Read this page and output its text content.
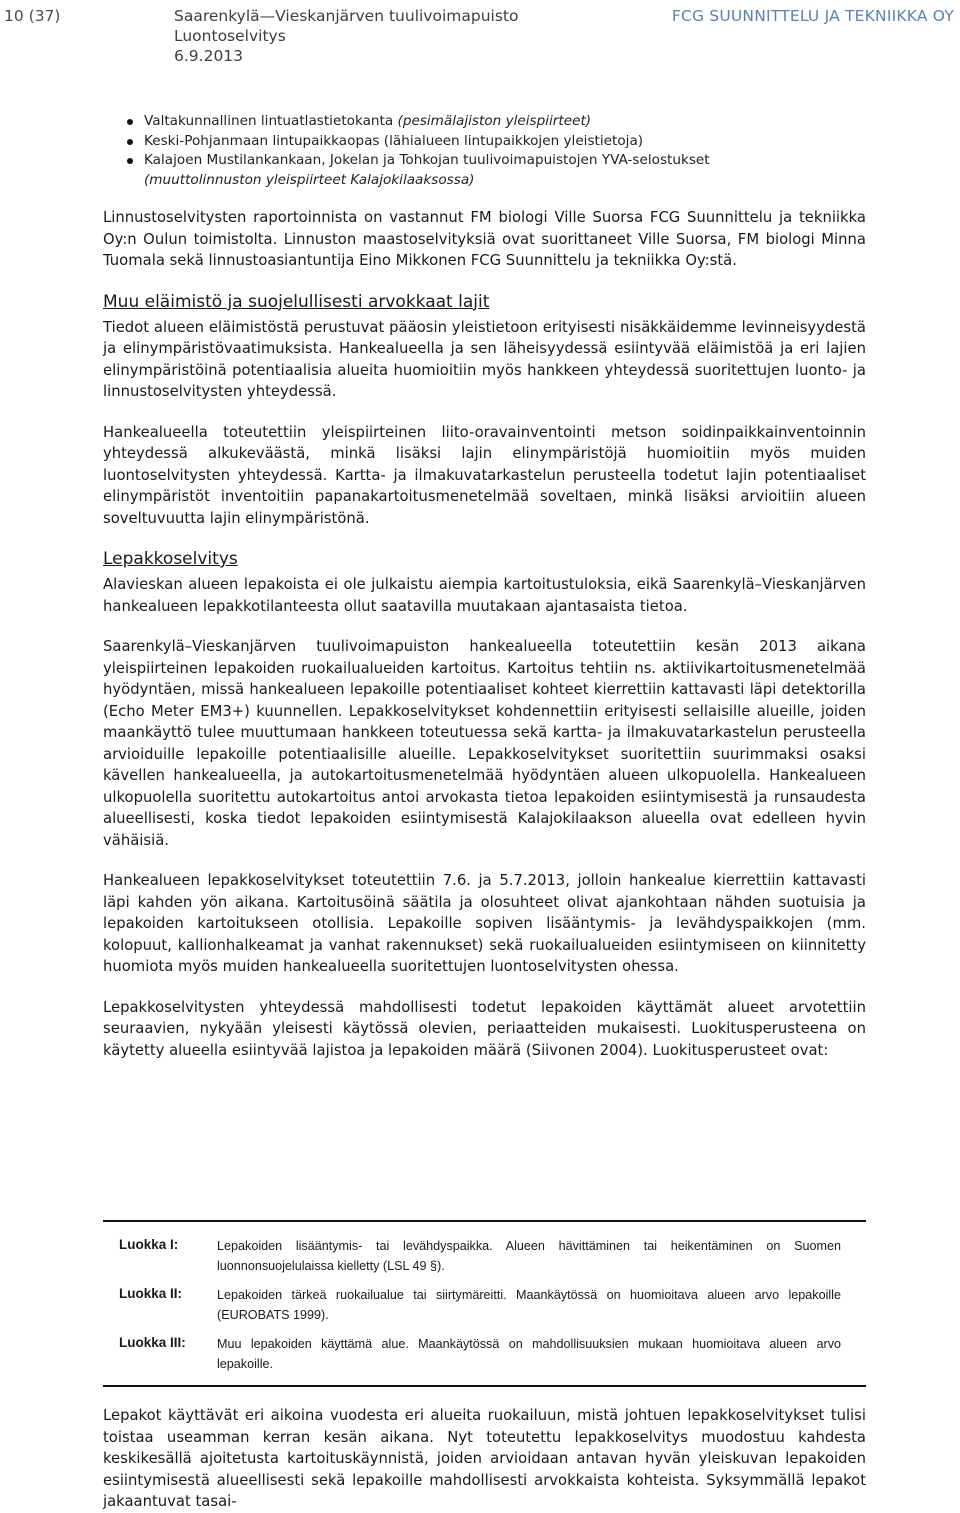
10 (37)	Saarenkylä—Vieskanjärven tuulivoimapuisto
Luontoselvitys
6.9.2013
FCG SUUNNITTELU JA TEKNIIKKA OY
Valtakunnallinen lintuatlastietokanta (pesimälajiston yleispiirteet)
Keski-Pohjanmaan lintupaikkaopas (lähialueen lintupaikkojen yleistietoja)
Kalajoen Mustilankankaan, Jokelan ja Tohkojan tuulivoimapuistojen YVA-selostukset
(muuttolinnuston yleispiirteet Kalajokilaaksossa)

Linnustoselvitysten raportoinnista on vastannut FM biologi Ville Suorsa FCG Suunnittelu ja tekniikka Oy:n Oulun toimistolta. Linnuston maastoselvityksiä ovat suorittaneet Ville Suorsa, FM biologi Minna Tuomala sekä linnustoasiantuntija Eino Mikkonen FCG Suunnittelu ja tekniikka Oy:stä.

Muu eläimistö ja suojelullisesti arvokkaat lajit

Tiedot alueen eläimistöstä perustuvat pääosin yleistietoon erityisesti nisäkkäidemme levinneisyydestä ja elinympäristövaatimuksista. Hankealueella ja sen läheisyydessä esiintyvää eläimistöä ja eri lajien elinympäristöinä potentiaalisia alueita huomioitiin myös hankkeen yhteydessä suoritettujen luonto- ja linnustoselvitysten yhteydessä.

Hankealueella toteutettiin yleispiirteinen liito-oravainventointi metson soidinpaikkainventoinnin yhteydessä alkukeväästä, minkä lisäksi lajin elinympäristöjä huomioitiin myös muiden luontoselvitysten yhteydessä. Kartta- ja ilmakuvatarkastelun perusteella todetut lajin potentiaaliset elinympäristöt inventoitiin papanakartoitusmenetelmää soveltaen, minkä lisäksi arvioitiin alueen soveltuvuutta lajin elinympäristönä.

Lepakkoselvitys

Alavieskan alueen lepakoista ei ole julkaistu aiempia kartoitustuloksia, eikä Saarenkylä–Vieskanjärven hankealueen lepakkotilanteesta ollut saatavilla muutakaan ajantasaista tietoa.

Saarenkylä–Vieskanjärven tuulivoimapuiston hankealueella toteutettiin kesän 2013 aikana yleispiirteinen lepakoiden ruokailualueiden kartoitus. Kartoitus tehtiin ns. aktiivikartoitusmenetelmää hyödyntäen, missä hankealueen lepakoille potentiaaliset kohteet kierrettiin kattavasti läpi detektorilla (Echo Meter EM3+) kuunnellen. Lepakkoselvitykset kohdennettiin erityisesti sellaisille alueille, joiden maankäyttö tulee muuttumaan hankkeen toteutuessa sekä kartta- ja ilmakuvatarkastelun perusteella arvioiduille lepakoille potentiaalisille alueille. Lepakkoselvitykset suoritettiin suurimmaksi osaksi kävellen hankealueella, ja autokartoitusmenetelmää hyödyntäen alueen ulkopuolella. Hankealueen ulkopuolella suoritettu autokartoitus antoi arvokasta tietoa lepakoiden esiintymisestä ja runsaudesta alueellisesti, koska tiedot lepakoiden esiintymisestä Kalajokilaakson alueella ovat edelleen hyvin vähäisiä.

Hankealueen lepakkoselvitykset toteutettiin 7.6. ja 5.7.2013, jolloin hankealue kierrettiin kattavasti läpi kahden yön aikana. Kartoitusöinä säätila ja olosuhteet olivat ajankohtaan nähden suotuisia ja lepakoiden kartoitukseen otollisia. Lepakoille sopiven lisääntymis- ja levähdyspaikkojen (mm. kolopuut, kallionhalkeamat ja vanhat rakennukset) sekä ruokailualueiden esiintymiseen on kiinnitetty huomiota myös muiden hankealueella suoritettujen luontoselvitysten ohessa.

Lepakkoselvitysten yhteydessä mahdollisesti todetut lepakoiden käyttämät alueet arvotettiin seuraavien, nykyään yleisesti käytössä olevien, periaatteiden mukaisesti. Luokitusperusteena on käytetty alueella esiintyvää lajistoa ja lepakoiden määrä (Siivonen 2004). Luokitusperusteet ovat:

Luokka I:	Lepakoiden lisääntymis- tai levähdyspaikka. Alueen hävittäminen tai heikentäminen on Suomen luonnonsuojelulaissa kielletty (LSL 49 §).
Luokka II:	Lepakoiden tärkeä ruokailualue tai siirtymäreitti. Maankäytössä on huomioitava alueen arvo lepakoille (EUROBATS 1999).
Luokka III: Muu lepakoiden käyttämä alue. Maankäytössä on mahdollisuuksien mukaan huomioitava alueen arvo lepakoille.

Lepakot käyttävät eri aikoina vuodesta eri alueita ruokailuun, mistä johtuen lepakkoselvitykset tulisi toistaa useamman kerran kesän aikana. Nyt toteutettu lepakkoselvitys muodostuu kahdesta keskikesällä ajoitetusta kartoituskäynnistä, joiden arvioidaan antavan hyvän yleiskuvan lepakoiden esiintymisestä alueellisesti sekä lepakoille mahdollisesti arvokkaista kohteista. Syksymmällä lepakot jakaantuvat tasai-
